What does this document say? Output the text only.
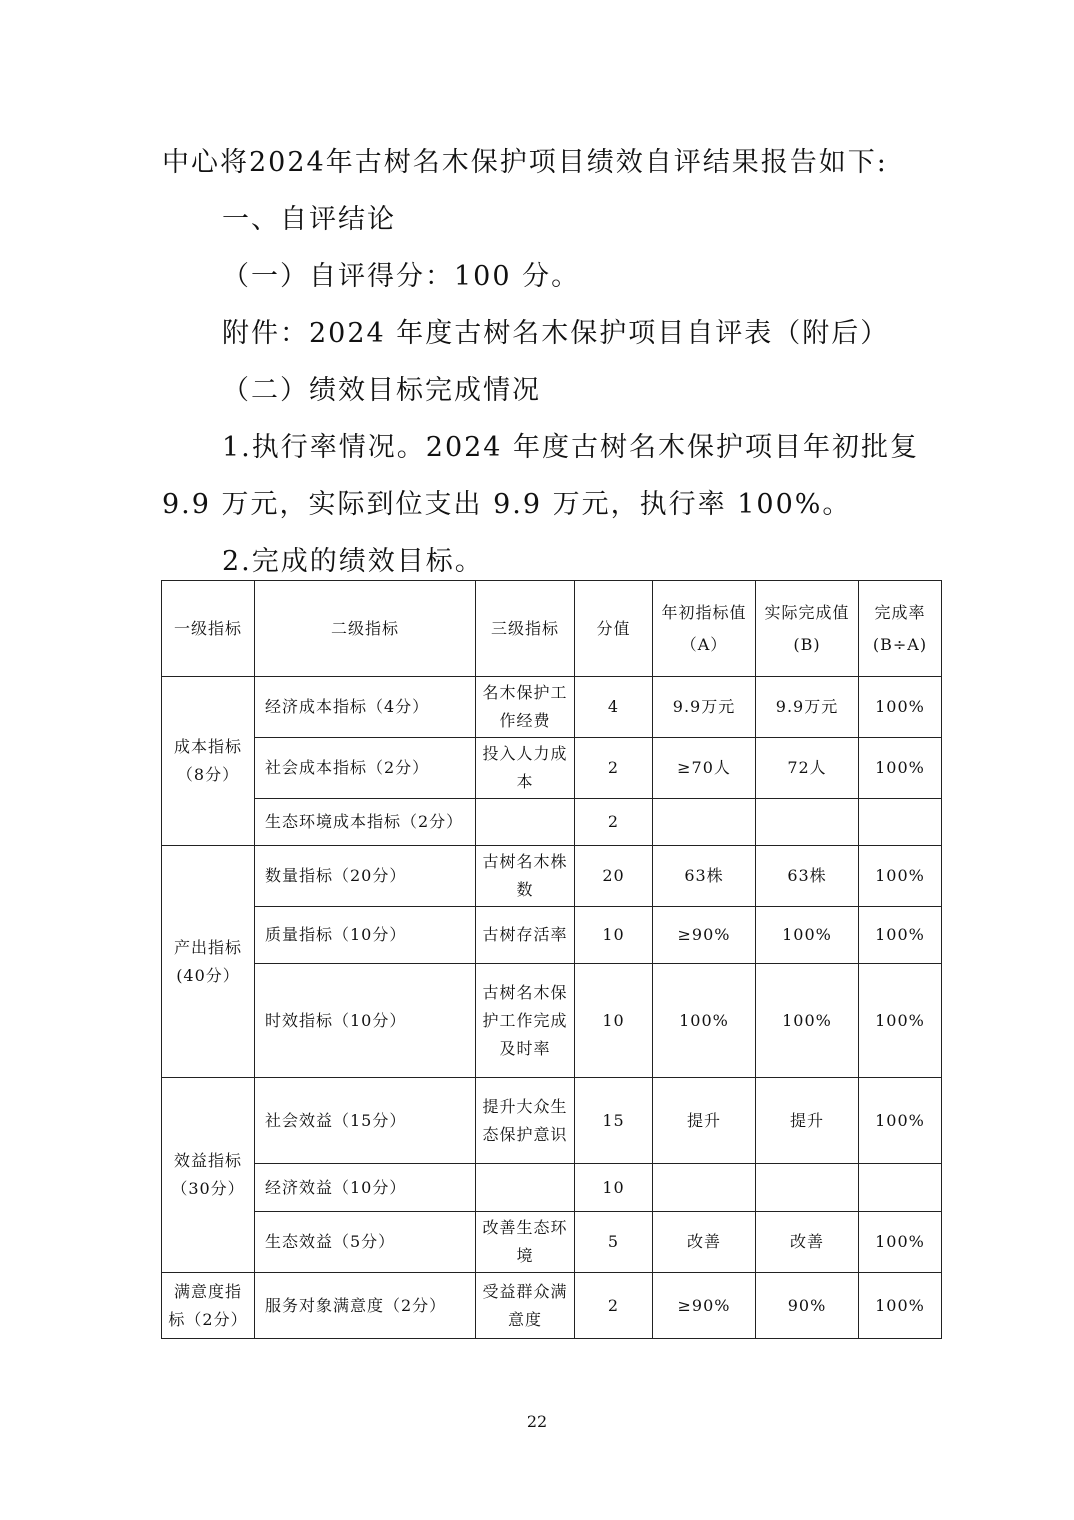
中心将2024年古树名木保护项目绩效自评结果报告如下:
一、自评结论
（一）自评得分：100 分。
附件：2024 年度古树名木保护项目自评表（附后）
（二）绩效目标完成情况
1.执行率情况。2024 年度古树名木保护项目年初批复
9.9 万元，实际到位支出 9.9 万元，执行率 100%。
2.完成的绩效目标。
一级指标	二级指标	三级指标	分值	年初指标值（A）	实际完成值(B)	完成率(B÷A)
成本指标（8分）	经济成本指标（4分）	名木保护工作经费	4	9.9万元	9.9万元	100%
	社会成本指标（2分）	投入人力成本	2	≥70人	72人	100%
	生态环境成本指标（2分）		2			
产出指标(40分）	数量指标（20分）	古树名木株数	20	63株	63株	100%
	质量指标（10分）	古树存活率	10	≥90%	100%	100%
	时效指标（10分）	古树名木保护工作完成及时率	10	100%	100%	100%
效益指标（30分）	社会效益（15分）	提升大众生态保护意识	15	提升	提升	100%
	经济效益（10分）		10			
	生态效益（5分）	改善生态环境	5	改善	改善	100%
满意度指标（2分）	服务对象满意度（2分）	受益群众满意度	2	≥90%	90%	100%
22
